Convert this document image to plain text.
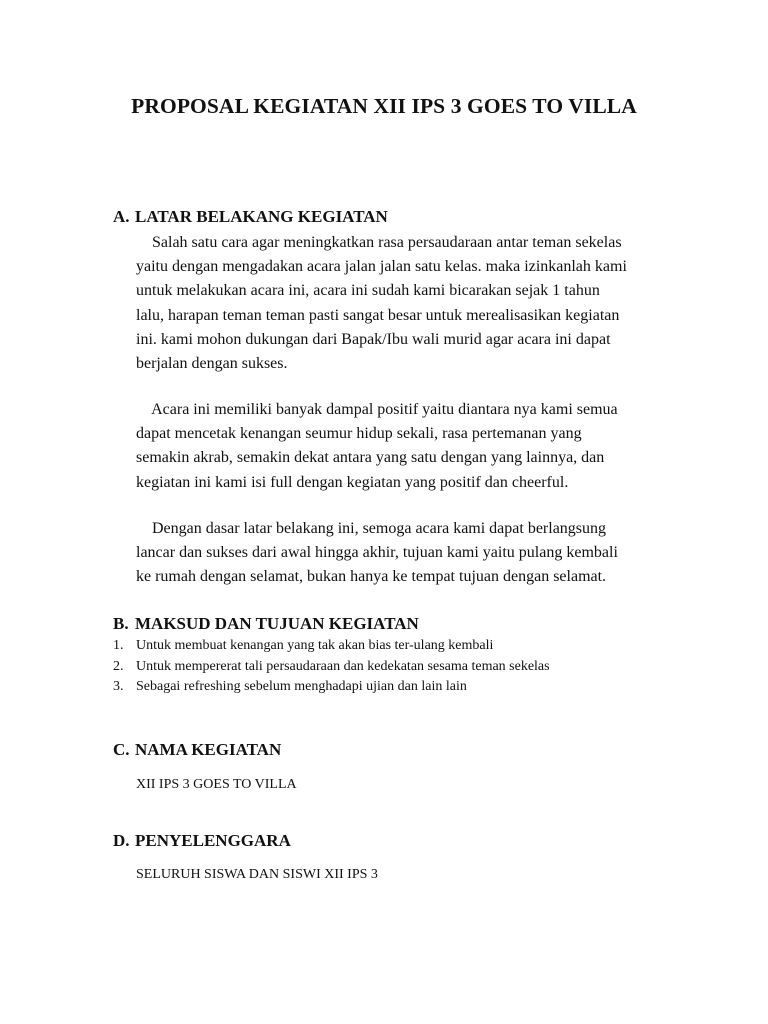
PROPOSAL KEGIATAN XII IPS 3 GOES TO VILLA
A. LATAR BELAKANG KEGIATAN
Salah satu cara agar meningkatkan rasa persaudaraan antar teman sekelas
yaitu dengan mengadakan acara jalan jalan satu kelas. maka izinkanlah kami
untuk melakukan acara ini, acara ini sudah kami bicarakan sejak 1 tahun
lalu, harapan teman teman pasti sangat besar untuk merealisasikan kegiatan
ini. kami mohon dukungan dari Bapak/Ibu wali murid agar acara ini dapat
berjalan dengan sukses.
Acara ini memiliki banyak dampal positif yaitu diantara nya kami semua
dapat mencetak kenangan seumur hidup sekali, rasa pertemanan yang
semakin akrab, semakin dekat antara yang satu dengan yang lainnya, dan
kegiatan ini kami isi full dengan kegiatan yang positif dan cheerful.
Dengan dasar latar belakang ini, semoga acara kami dapat berlangsung
lancar dan sukses dari awal hingga akhir, tujuan kami yaitu pulang kembali
ke rumah dengan selamat, bukan hanya ke tempat tujuan dengan selamat.
B. MAKSUD DAN TUJUAN KEGIATAN
1. Untuk membuat kenangan yang tak akan bias ter-ulang kembali
2. Untuk mempererat tali persaudaraan dan kedekatan sesama teman sekelas
3. Sebagai refreshing sebelum menghadapi ujian dan lain lain
C. NAMA KEGIATAN
XII IPS 3 GOES TO VILLA
D. PENYELENGGARA
SELURUH SISWA DAN SISWI XII IPS 3
